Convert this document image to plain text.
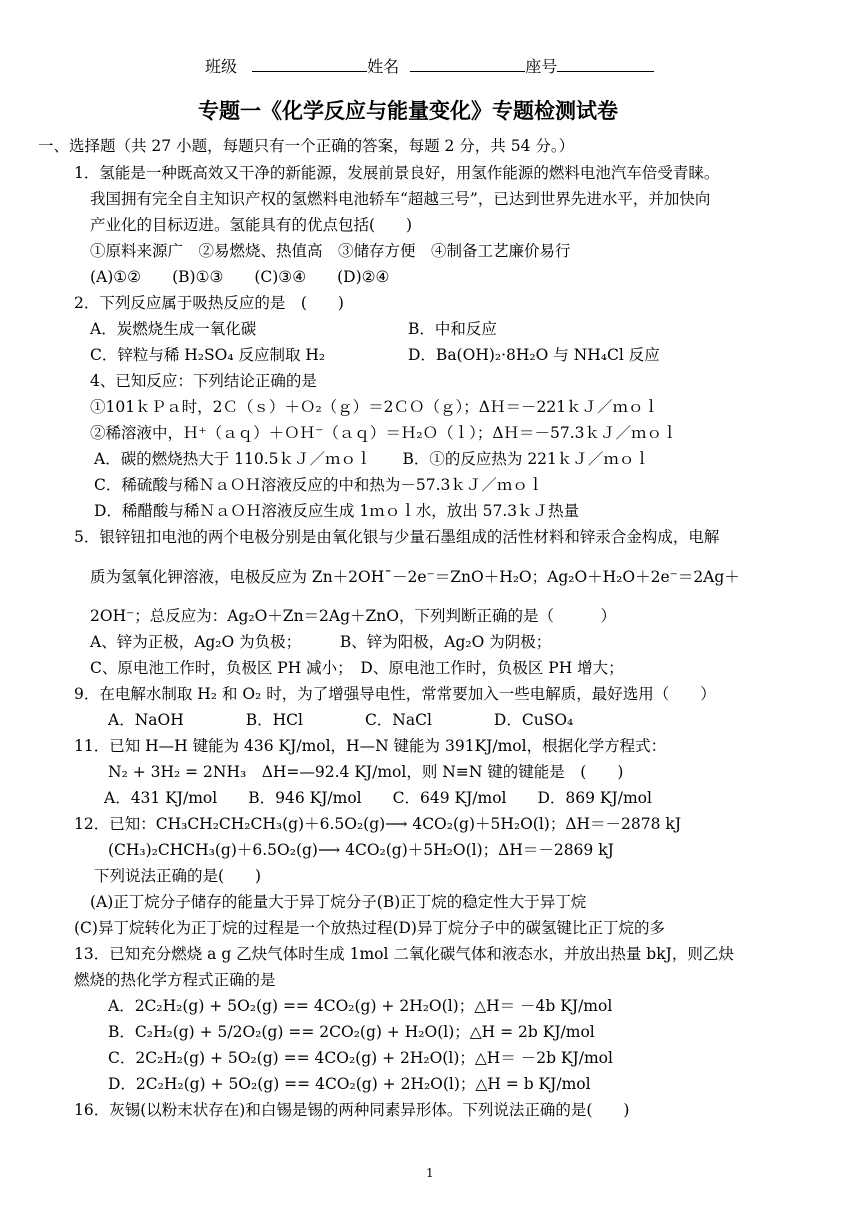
班级	姓名	座号
专题一《化学反应与能量变化》专题检测试卷
一、选择题（共 27 小题，每题只有一个正确的答案，每题 2 分，共 54 分。）
1．氢能是一种既高效又干净的新能源，发展前景良好，用氢作能源的燃料电池汽车倍受青睐。
我国拥有完全自主知识产权的氢燃料电池轿车“超越三号”，已达到世界先进水平，并加快向
产业化的目标迈进。氢能具有的优点包括(　　)
①原料来源广　②易燃烧、热值高　③储存方便　④制备工艺廉价易行
(A)①②　　(B)①③　　(C)③④　　(D)②④
2．下列反应属于吸热反应的是　(　　)
A．炭燃烧生成一氧化碳	B．中和反应
C．锌粒与稀 H₂SO₄ 反应制取 H₂	D．Ba(OH)₂·8H₂O 与 NH₄Cl 反应
4、已知反应：下列结论正确的是
①101ｋＰａ时，2Ｃ（ｓ）＋Ｏ₂（ｇ）＝2ＣＯ（ｇ）；ΔＨ＝－221ｋＪ／ｍｏｌ
②稀溶液中，Ｈ⁺（ａｑ）＋ＯＨ⁻（ａｑ）＝Ｈ₂Ｏ（ｌ）；ΔＨ＝－57.3ｋＪ／ｍｏｌ
A．碳的燃烧热大于 110.5ｋＪ／ｍｏｌ　　B．①的反应热为 221ｋＪ／ｍｏｌ
C．稀硫酸与稀ＮａＯＨ溶液反应的中和热为－57.3ｋＪ／ｍｏｌ
D．稀醋酸与稀ＮａＯＨ溶液反应生成 1ｍｏｌ水，放出 57.3ｋＪ热量
5．银锌钮扣电池的两个电极分别是由氧化银与少量石墨组成的活性材料和锌汞合金构成，电解
质为氢氧化钾溶液，电极反应为 Zn＋2OH¯－2e⁻＝ZnO＋H₂O；Ag₂O＋H₂O＋2e⁻＝2Ag＋
2OH⁻；总反应为：Ag₂O＋Zn＝2Ag＋ZnO，下列判断正确的是（　　　）
A、锌为正极，Ag₂O 为负极；　　　B、锌为阳极，Ag₂O 为阴极；
C、原电池工作时，负极区 PH 减小；　D、原电池工作时，负极区 PH 增大；
9．在电解水制取 H₂ 和 O₂ 时，为了增强导电性，常常要加入一些电解质，最好选用（　　）
A．NaOH　　　　B．HCl　　　　C．NaCl　　　　D．CuSO₄
11．已知 H—H 键能为 436 KJ/mol，H—N 键能为 391KJ/mol，根据化学方程式：
N₂ + 3H₂ = 2NH₃　ΔH=—92.4 KJ/mol，则 N≡N 键的键能是　(　　)
A．431 KJ/mol　　B．946 KJ/mol　　C．649 KJ/mol　　D．869 KJ/mol
12．已知：CH₃CH₂CH₂CH₃(g)＋6.5O₂(g)⟶ 4CO₂(g)＋5H₂O(l)；ΔH＝－2878 kJ
(CH₃)₂CHCH₃(g)＋6.5O₂(g)⟶ 4CO₂(g)＋5H₂O(l)；ΔH＝－2869 kJ
下列说法正确的是(　　)
(A)正丁烷分子储存的能量大于异丁烷分子(B)正丁烷的稳定性大于异丁烷
(C)异丁烷转化为正丁烷的过程是一个放热过程(D)异丁烷分子中的碳氢键比正丁烷的多
13．已知充分燃烧 a g 乙炔气体时生成 1mol 二氧化碳气体和液态水，并放出热量 bkJ，则乙炔
燃烧的热化学方程式正确的是
A．2C₂H₂(g) + 5O₂(g) == 4CO₂(g) + 2H₂O(l)；△H＝ －4b KJ/mol
B．C₂H₂(g) + 5/2O₂(g) == 2CO₂(g) + H₂O(l)；△H = 2b KJ/mol
C．2C₂H₂(g) + 5O₂(g) == 4CO₂(g) + 2H₂O(l)；△H＝ －2b KJ/mol
D．2C₂H₂(g) + 5O₂(g) == 4CO₂(g) + 2H₂O(l)；△H = b KJ/mol
16．灰锡(以粉末状存在)和白锡是锡的两种同素异形体。下列说法正确的是(　　)
1
